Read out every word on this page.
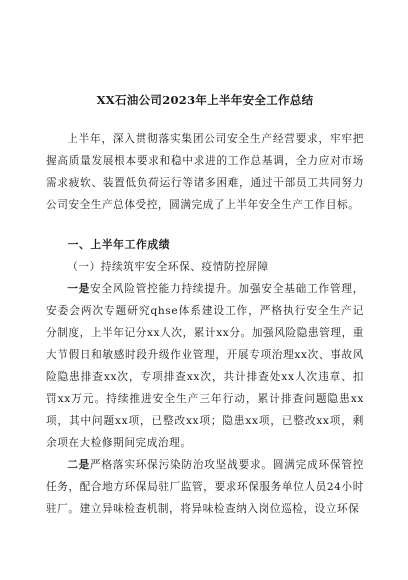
XX石油公司2023年上半年安全工作总结

上半年，深入贯彻落实集团公司安全生产经营要求，牢牢把握高质量发展根本要求和稳中求进的工作总基调，全力应对市场需求疲软、装置低负荷运行等诸多困难，通过干部员工共同努力公司安全生产总体受控，圆满完成了上半年安全生产工作目标。

一、上半年工作成绩

（一）持续筑牢安全环保、疫情防控屏障

一是安全风险管控能力持续提升。加强安全基础工作管理，安委会两次专题研究qhse体系建设工作，严格执行安全生产记分制度，上半年记分xx人次，累计xx分。加强风险隐患管理，重大节假日和敏感时段升级作业管理，开展专项治理xx次、事故风险隐患排查xx次，专项排查xx次，共计排查处xx人次违章、扣罚xx万元。持续推进安全生产三年行动，累计排查问题隐患xx项，其中问题xx项，已整改xx项；隐患xx项，已整改xx项，剩余项在大检修期间完成治理。

二是严格落实环保污染防治攻坚战要求。圆满完成环保管控任务，配合地方环保局驻厂监管，要求环保服务单位人员24小时驻厂。建立异味检查机制，将异味检查纳入岗位巡检，设立环保
